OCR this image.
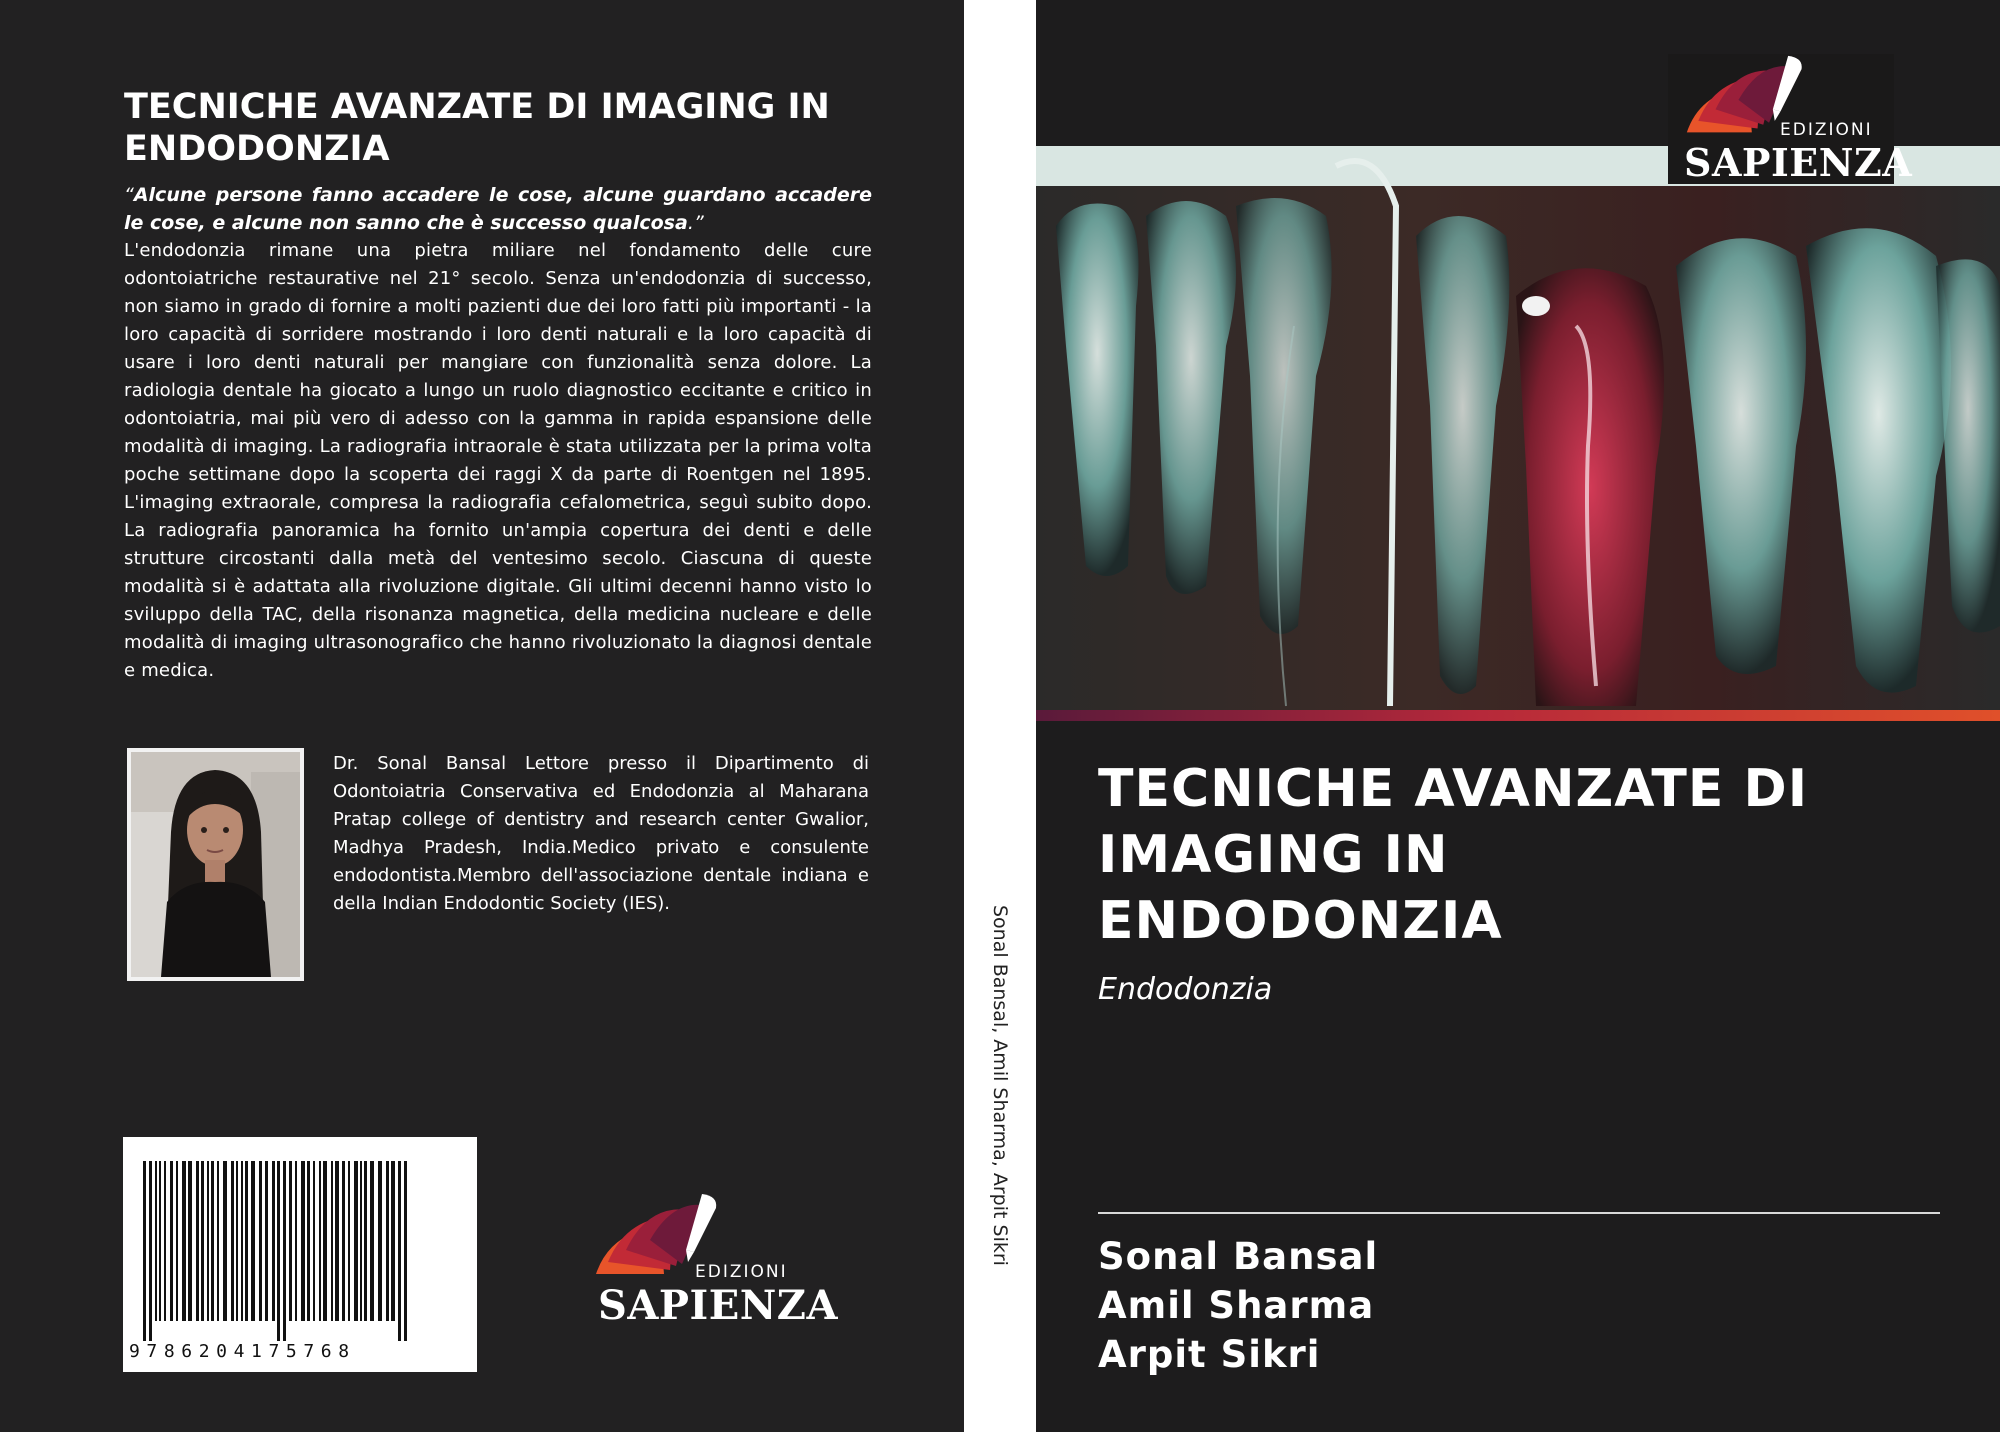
TECNICHE AVANZATE DI IMAGING IN ENDODONZIA

“Alcune persone fanno accadere le cose, alcune guardano accadere le cose, e alcune non sanno che è successo qualcosa.”

L'endodonzia rimane una pietra miliare nel fondamento delle cure odontoiatriche restaurative nel 21° secolo. Senza un'endodonzia di successo, non siamo in grado di fornire a molti pazienti due dei loro fatti più importanti - la loro capacità di sorridere mostrando i loro denti naturali e la loro capacità di usare i loro denti naturali per mangiare con funzionalità senza dolore. La radiologia dentale ha giocato a lungo un ruolo diagnostico eccitante e critico in odontoiatria, mai più vero di adesso con la gamma in rapida espansione delle modalità di imaging. La radiografia intraorale è stata utilizzata per la prima volta poche settimane dopo la scoperta dei raggi X da parte di Roentgen nel 1895. L'imaging extraorale, compresa la radiografia cefalometrica, seguì subito dopo. La radiografia panoramica ha fornito un'ampia copertura dei denti e delle strutture circostanti dalla metà del ventesimo secolo. Ciascuna di queste modalità si è adattata alla rivoluzione digitale. Gli ultimi decenni hanno visto lo sviluppo della TAC, della risonanza magnetica, della medicina nucleare e delle modalità di imaging ultrasonografico che hanno rivoluzionato la diagnosi dentale e medica.

Dr. Sonal Bansal Lettore presso il Dipartimento di Odontoiatria Conservativa ed Endodonzia al Maharana Pratap college of dentistry and research center Gwalior, Madhya Pradesh, India.Medico privato e consulente endodontista.Membro dell'associazione dentale indiana e della Indian Endodontic Society (IES).

9786204175768
EDIZIONI
SAPIENZA
Sonal Bansal, Amil Sharma, Arpit Sikri
EDIZIONI
SAPIENZA
TECNICHE AVANZATE DI
IMAGING IN
ENDODONZIA

Endodonzia

Sonal Bansal
Amil Sharma
Arpit Sikri
